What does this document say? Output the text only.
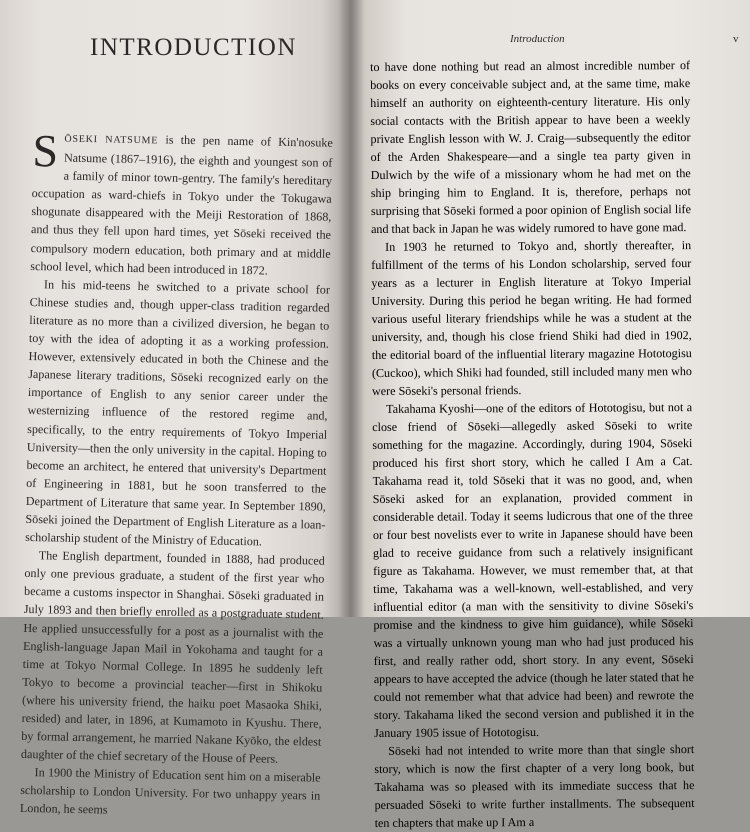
INTRODUCTION

SŌSEKI NATSUME is the pen name of Kin'nosuke Natsume (1867–1916), the eighth and youngest son of a family of minor town-gentry. The family's hereditary occupation as ward-chiefs in Tokyo under the Tokugawa shogunate disappeared with the Meiji Restoration of 1868, and thus they fell upon hard times, yet Sōseki received the compulsory modern education, both primary and at middle school level, which had been introduced in 1872.

In his mid-teens he switched to a private school for Chinese studies and, though upper-class tradition regarded literature as no more than a civilized diversion, he began to toy with the idea of adopting it as a working profession. However, extensively educated in both the Chinese and the Japanese literary traditions, Sōseki recognized early on the importance of English to any senior career under the westernizing influence of the restored regime and, specifically, to the entry requirements of Tokyo Imperial University—then the only university in the capital. Hoping to become an architect, he entered that university's Department of Engineering in 1881, but he soon transferred to the Department of Literature that same year. In September 1890, Sōseki joined the Department of English Literature as a loan-scholarship student of the Ministry of Education.

The English department, founded in 1888, had produced only one previous graduate, a student of the first year who became a customs inspector in Shanghai. Sōseki graduated in July 1893 and then briefly enrolled as a postgraduate student. He applied unsuccessfully for a post as a journalist with the English-language Japan Mail in Yokohama and taught for a time at Tokyo Normal College. In 1895 he suddenly left Tokyo to become a provincial teacher—first in Shikoku (where his university friend, the haiku poet Masaoka Shiki, resided) and later, in 1896, at Kumamoto in Kyushu. There, by formal arrangement, he married Nakane Kyōko, the eldest daughter of the chief secretary of the House of Peers.

In 1900 the Ministry of Education sent him on a miserable scholarship to London University. For two unhappy years in London, he seems

Introduction	v

to have done nothing but read an almost incredible number of books on every conceivable subject and, at the same time, make himself an authority on eighteenth-century literature. His only social contacts with the British appear to have been a weekly private English lesson with W. J. Craig—subsequently the editor of the Arden Shakespeare—and a single tea party given in Dulwich by the wife of a missionary whom he had met on the ship bringing him to England. It is, therefore, perhaps not surprising that Sōseki formed a poor opinion of English social life and that back in Japan he was widely rumored to have gone mad.

In 1903 he returned to Tokyo and, shortly thereafter, in fulfillment of the terms of his London scholarship, served four years as a lecturer in English literature at Tokyo Imperial University. During this period he began writing. He had formed various useful literary friendships while he was a student at the university, and, though his close friend Shiki had died in 1902, the editorial board of the influential literary magazine Hototogisu (Cuckoo), which Shiki had founded, still included many men who were Sōseki's personal friends.

Takahama Kyoshi—one of the editors of Hototogisu, but not a close friend of Sōseki—allegedly asked Sōseki to write something for the magazine. Accordingly, during 1904, Sōseki produced his first short story, which he called I Am a Cat. Takahama read it, told Sōseki that it was no good, and, when Sōseki asked for an explanation, provided comment in considerable detail. Today it seems ludicrous that one of the three or four best novelists ever to write in Japanese should have been glad to receive guidance from such a relatively insignificant figure as Takahama. However, we must remember that, at that time, Takahama was a well-known, well-established, and very influential editor (a man with the sensitivity to divine Sōseki's promise and the kindness to give him guidance), while Sōseki was a virtually unknown young man who had just produced his first, and really rather odd, short story. In any event, Sōseki appears to have accepted the advice (though he later stated that he could not remember what that advice had been) and rewrote the story. Takahama liked the second version and published it in the January 1905 issue of Hototogisu.

Sōseki had not intended to write more than that single short story, which is now the first chapter of a very long book, but Takahama was so pleased with its immediate success that he persuaded Sōseki to write further installments. The subsequent ten chapters that make up I Am a
